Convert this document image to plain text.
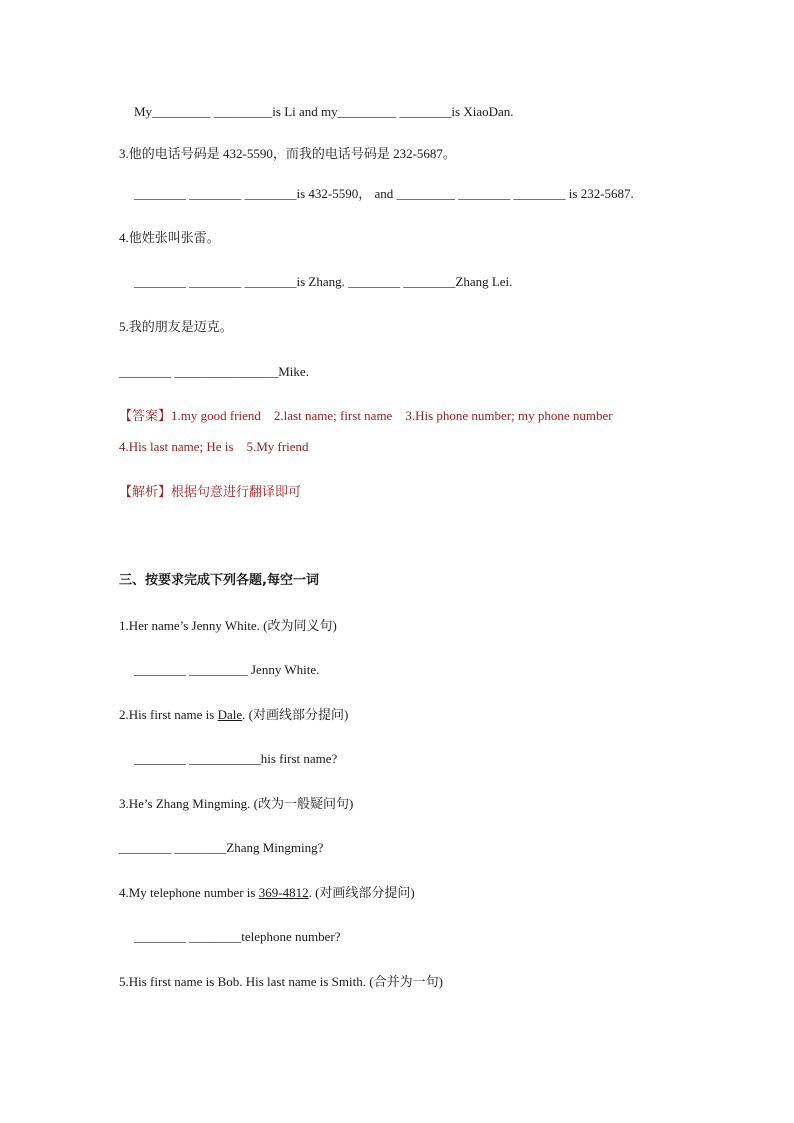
My_________ _________is Li and my_________ ________is XiaoDan.
3.他的电话号码是 432-5590，而我的电话号码是 232-5687。
________ ________ ________is 432-5590， and _________ ________ ________ is 232-5687.
4.他姓张叫张雷。
________ ________ ________is Zhang. ________ ________Zhang Lei.
5.我的朋友是迈克。
________ ________________Mike.
【答案】1.my good friend    2.last name; first name    3.His phone number; my phone number
4.His last name; He is    5.My friend
【解析】根据句意进行翻译即可
三、按要求完成下列各题,每空一词
1.Her name’s Jenny White. (改为同义句)
________ _________ Jenny White.
2.His first name is Dale. (对画线部分提问)
________ ___________his first name?
3.He’s Zhang Mingming. (改为一般疑问句)
________ ________Zhang Mingming?
4.My telephone number is 369-4812. (对画线部分提问)
________ ________telephone number?
5.His first name is Bob. His last name is Smith. (合并为一句)
